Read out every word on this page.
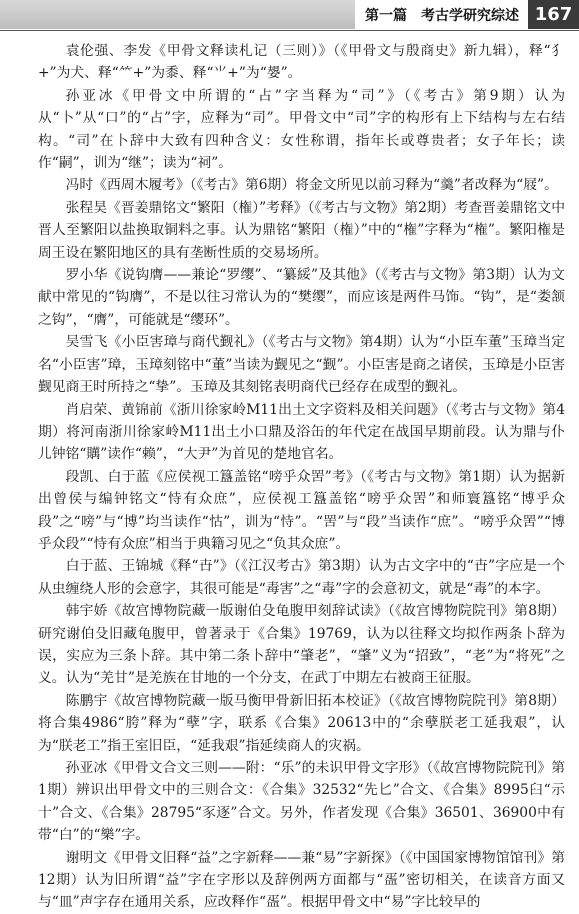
第一篇 考古学研究综述 167

袁伦强、李发《甲骨文释读札记（三则）》（《甲骨文与殷商史》新九辑），释“犭+”为犬、释“⺮+”为黍、释“⺌+”为“嫢”。

孙亚冰《甲骨文中所谓的“占”字当释为“司”》（《考古》第9期）认为从“卜”从“口”的“占”字，应释为“司”。甲骨文中“司”字的构形有上下结构与左右结构。“司”在卜辞中大致有四种含义：女性称谓，指年长或尊贵者；女子年长；读作“嗣”，训为“继”；读为“祠”。

冯时《西周木履考》（《考古》第6期）将金文所见以前习释为“羹”者改释为“屐”。

张程昊《晋姜鼎铭文“繁阳（権）”考释》（《考古与文物》第2期）考查晋姜鼎铭文中晋人至繁阳以盐换取铜料之事。认为鼎铭“繁阳（権）”中的“権”字释为“権”。繁阳権是周王设在繁阳地区的具有垄断性质的交易场所。

罗小华《说钩膺——兼论“罗缨”、“纂綏”及其他》（《考古与文物》第3期）认为文献中常见的“钩膺”，不是以往习常认为的“樊缨”，而应该是两件马饰。“钩”，是“娄颔之钩”，“膺”，可能就是“缨环”。

吴雪飞《小臣害璋与商代觐礼》（《考古与文物》第4期）认为“小臣车董”玉璋当定名“小臣害”璋，玉璋刻铭中“董”当读为觐见之“觐”。小臣害是商之诸侯，玉璋是小臣害觐见商王时所持之“挚”。玉璋及其刻铭表明商代已经存在成型的觐礼。

肖启荣、黄锦前《浙川徐家岭M11出土文字资料及相关问题》（《考古与文物》第4期）将河南浙川徐家岭M11出土小口鼎及浴缶的年代定在战国早期前段。认为鼎与仆儿钟铭“贎”读作“赖”，“大尹”为首见的楚地官名。

段凯、白于蓝《应侯视工簋盖铭“嗙乎众罟”考》（《考古与文物》第1期）认为据新出曾侯与编钟铭文“恃有众庶”，应侯视工簋盖铭“嗙乎众罟”和师寰簋铭“博乎众段”之“嗙”与“博”均当读作“怙”，训为“恃”。“罟”与“段”当读作“庶”。“嗙乎众罟”“博乎众段”“恃有众庶”相当于典籍习见之“负其众庶”。

白于蓝、王锦城《释“卋”》（《江汉考古》第3期）认为古文字中的“卋”字应是一个从虫缠绕人形的会意字，其很可能是“毒害”之“毒”字的会意初文，就是“毒”的本字。

韩宇娇《故宫博物院藏一版谢伯殳龟腹甲刻辞试读》（《故宫博物院院刊》第8期）研究谢伯殳旧藏龟腹甲，曾著录于《合集》19769，认为以往释文均拟作两条卜辞为误，实应为三条卜辞。其中第二条卜辞中“肇老”，“肇”义为“招致”，“老”为“将死”之义。认为“羌甘”是羌族在甘地的一个分支，在武丁中期左右被商王征服。

陈鹏宇《故宫博物院藏一版马衡甲骨新旧拓本校证》（《故宫博物院院刊》第8期）将合集4986“胯”释为“孽”字，联系《合集》20613中的“余孽朕老工延我艰”，认为“朕老工”指王室旧臣，“延我艰”指延续商人的灾祸。

孙亚冰《甲骨文合文三则——附：“乐”的未识甲骨文字形》（《故宫博物院院刊》第1期）辨识出甲骨文中的三则合文：《合集》32532“先匕”合文、《合集》8995臼“示十”合文、《合集》28795“豕逐”合文。另外，作者发现《合集》36501、36900中有带“白”的“樂”字。

谢明文《甲骨文旧释“益”之字新释——兼“易”字新探》（《中国国家博物馆馆刊》第12期）认为旧所谓“益”字在字形以及辞例两方面都与“㿿”密切相关，在读音方面又与“皿”声字存在通用关系，应改释作“㿿”。根据甲骨文中“易”字比较早的
